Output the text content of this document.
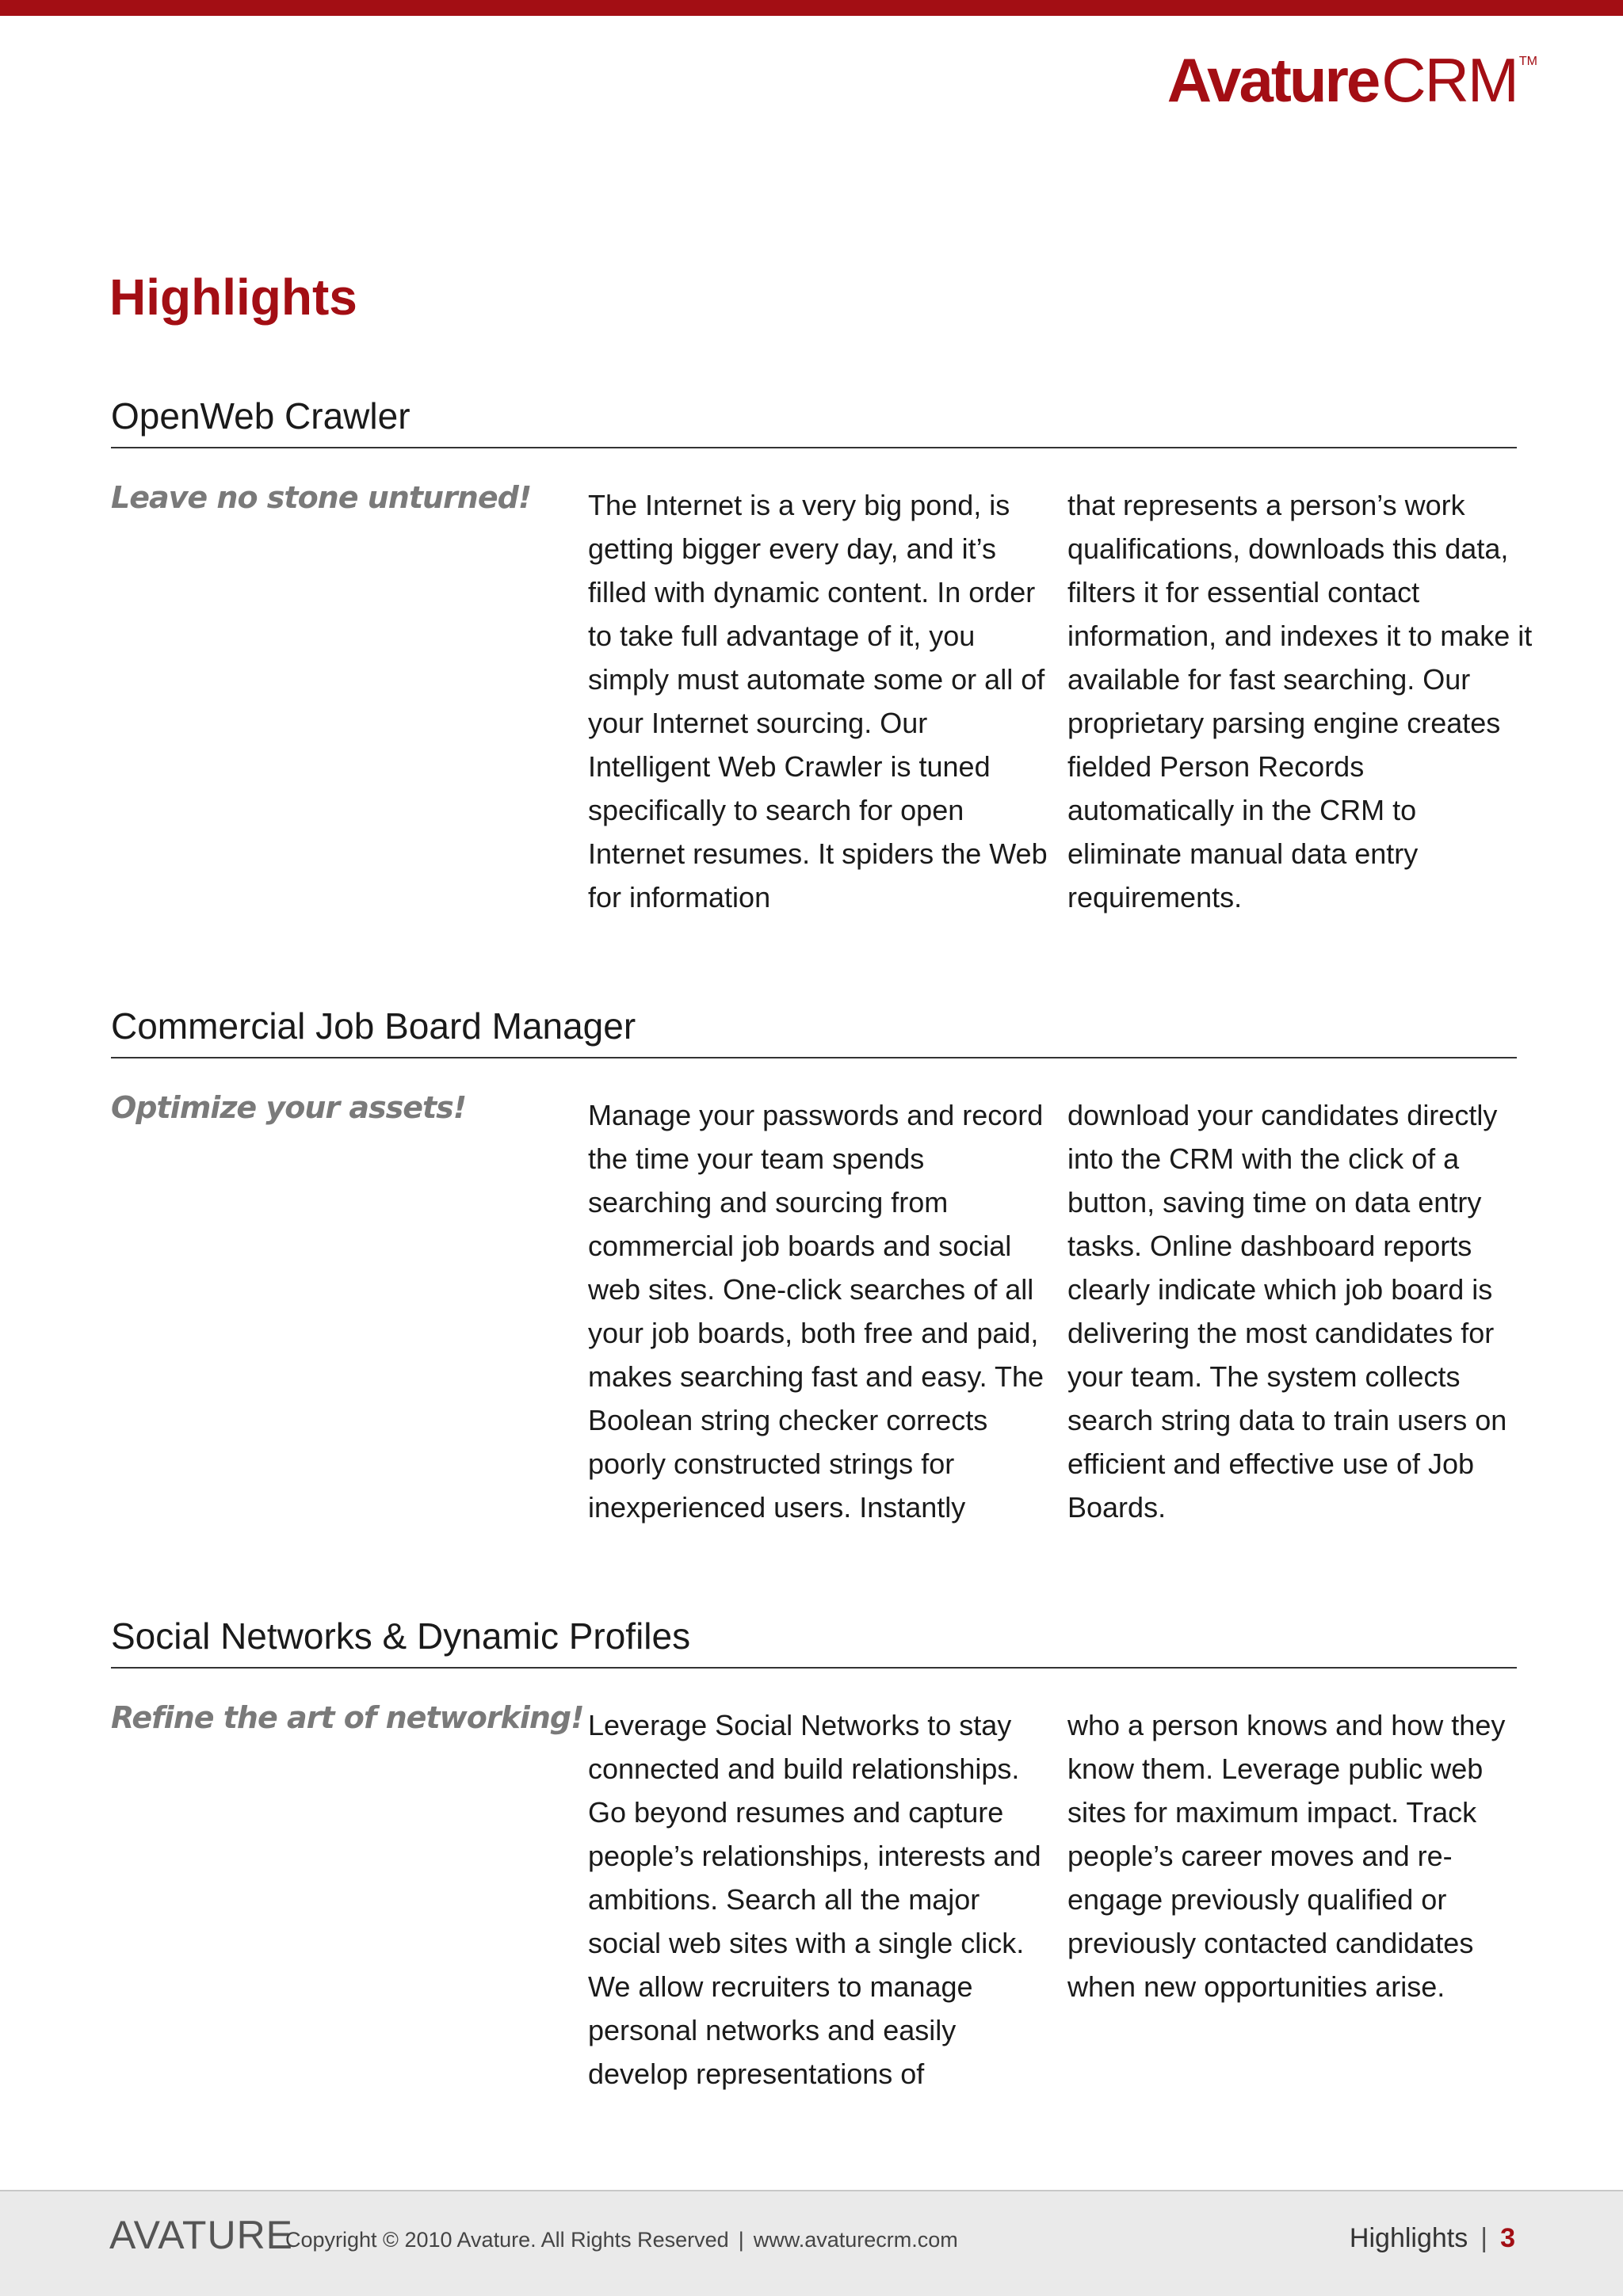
AvatureCRM ™
Highlights
OpenWeb Crawler

Leave no stone unturned! The Internet is a very big pond, is getting bigger every day, and it’s filled with dynamic content. In order to take full advantage of it, you simply must automate some or all of your Internet sourcing. Our Intelligent Web Crawler is tuned specifically to search for open Internet resumes. It spiders the Web for information

that represents a person’s work qualifications, downloads this data, filters it for essential contact information, and indexes it to make it available for fast searching. Our proprietary parsing engine creates fielded Person Records automatically in the CRM to eliminate manual data entry requirements.

Commercial Job Board Manager

Optimize your assets!	Manage your passwords and record the time your team spends searching and sourcing from commercial job boards and social web sites. One-click searches of all your job boards, both free and paid, makes searching fast and easy. The Boolean string checker corrects poorly constructed strings for inexperienced users. Instantly

download your candidates directly into the CRM with the click of a button, saving time on data entry tasks. Online dashboard reports clearly indicate which job board is delivering the most candidates for your team. The system collects search string data to train users on efficient and effective use of Job Boards.

Social Networks & Dynamic Profiles

Refine the art of networking! Leverage Social Networks to stay connected and build relationships. Go beyond resumes and capture people’s relationships, interests and ambitions. Search all the major social web sites with a single click. We allow recruiters to manage personal networks and easily develop representations of

who a person knows and how they know them. Leverage public web sites for maximum impact. Track people’s career moves and re-engage previously qualified or previously contacted candidates when new opportunities arise.

AVATURE
Copyright © 2010 Avature. All Rights Reserved | www.avaturecrm.com	Highlights | 3
